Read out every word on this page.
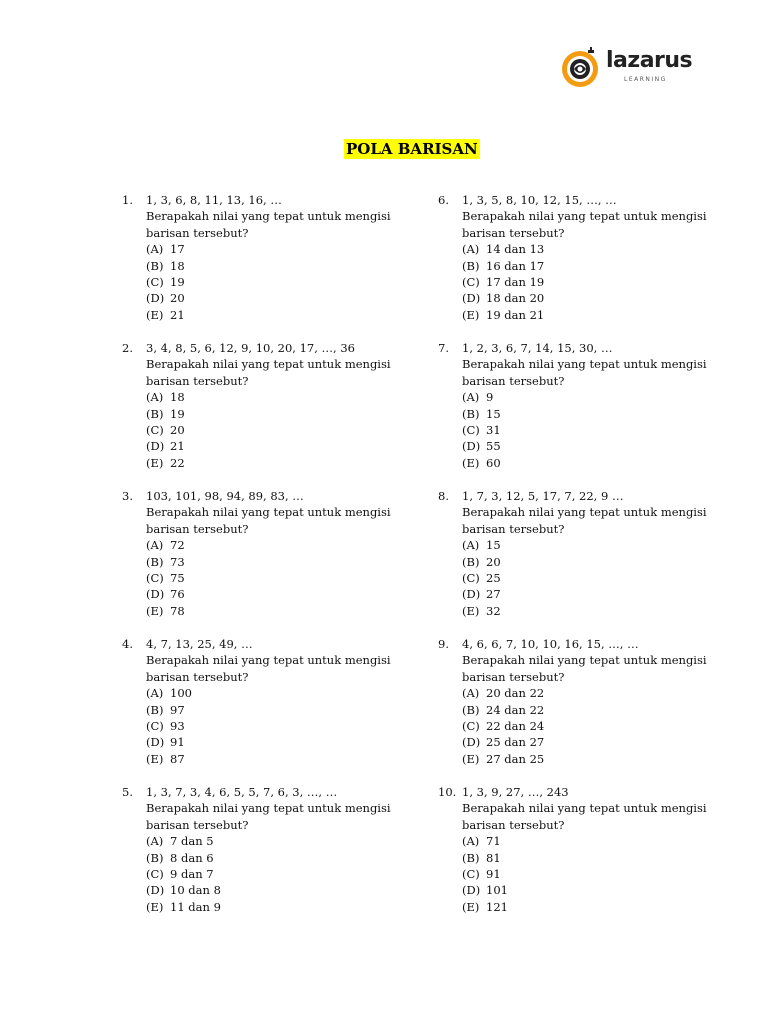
lazarus
LEARNING
POLA BARISAN
1. 1, 3, 6, 8, 11, 13, 16, …
Berapakah nilai yang tepat untuk mengisi
barisan tersebut?
(A) 17
(B) 18
(C) 19
(D) 20
(E) 21
2. 3, 4, 8, 5, 6, 12, 9, 10, 20, 17, …, 36
Berapakah nilai yang tepat untuk mengisi
barisan tersebut?
(A) 18
(B) 19
(C) 20
(D) 21
(E) 22
3. 103, 101, 98, 94, 89, 83, …
Berapakah nilai yang tepat untuk mengisi
barisan tersebut?
(A) 72
(B) 73
(C) 75
(D) 76
(E) 78
4. 4, 7, 13, 25, 49, …
Berapakah nilai yang tepat untuk mengisi
barisan tersebut?
(A) 100
(B) 97
(C) 93
(D) 91
(E) 87
5. 1, 3, 7, 3, 4, 6, 5, 5, 7, 6, 3, …, …
Berapakah nilai yang tepat untuk mengisi
barisan tersebut?
(A) 7 dan 5
(B) 8 dan 6
(C) 9 dan 7
(D) 10 dan 8
(E) 11 dan 9
6. 1, 3, 5, 8, 10, 12, 15, …, …
Berapakah nilai yang tepat untuk mengisi
barisan tersebut?
(A) 14 dan 13
(B) 16 dan 17
(C) 17 dan 19
(D) 18 dan 20
(E) 19 dan 21
7. 1, 2, 3, 6, 7, 14, 15, 30, …
Berapakah nilai yang tepat untuk mengisi
barisan tersebut?
(A) 9
(B) 15
(C) 31
(D) 55
(E) 60
8. 1, 7, 3, 12, 5, 17, 7, 22, 9 …
Berapakah nilai yang tepat untuk mengisi
barisan tersebut?
(A) 15
(B) 20
(C) 25
(D) 27
(E) 32
9. 4, 6, 6, 7, 10, 10, 16, 15, …, …
Berapakah nilai yang tepat untuk mengisi
barisan tersebut?
(A) 20 dan 22
(B) 24 dan 22
(C) 22 dan 24
(D) 25 dan 27
(E) 27 dan 25
10. 1, 3, 9, 27, …, 243
Berapakah nilai yang tepat untuk mengisi
barisan tersebut?
(A) 71
(B) 81
(C) 91
(D) 101
(E) 121
